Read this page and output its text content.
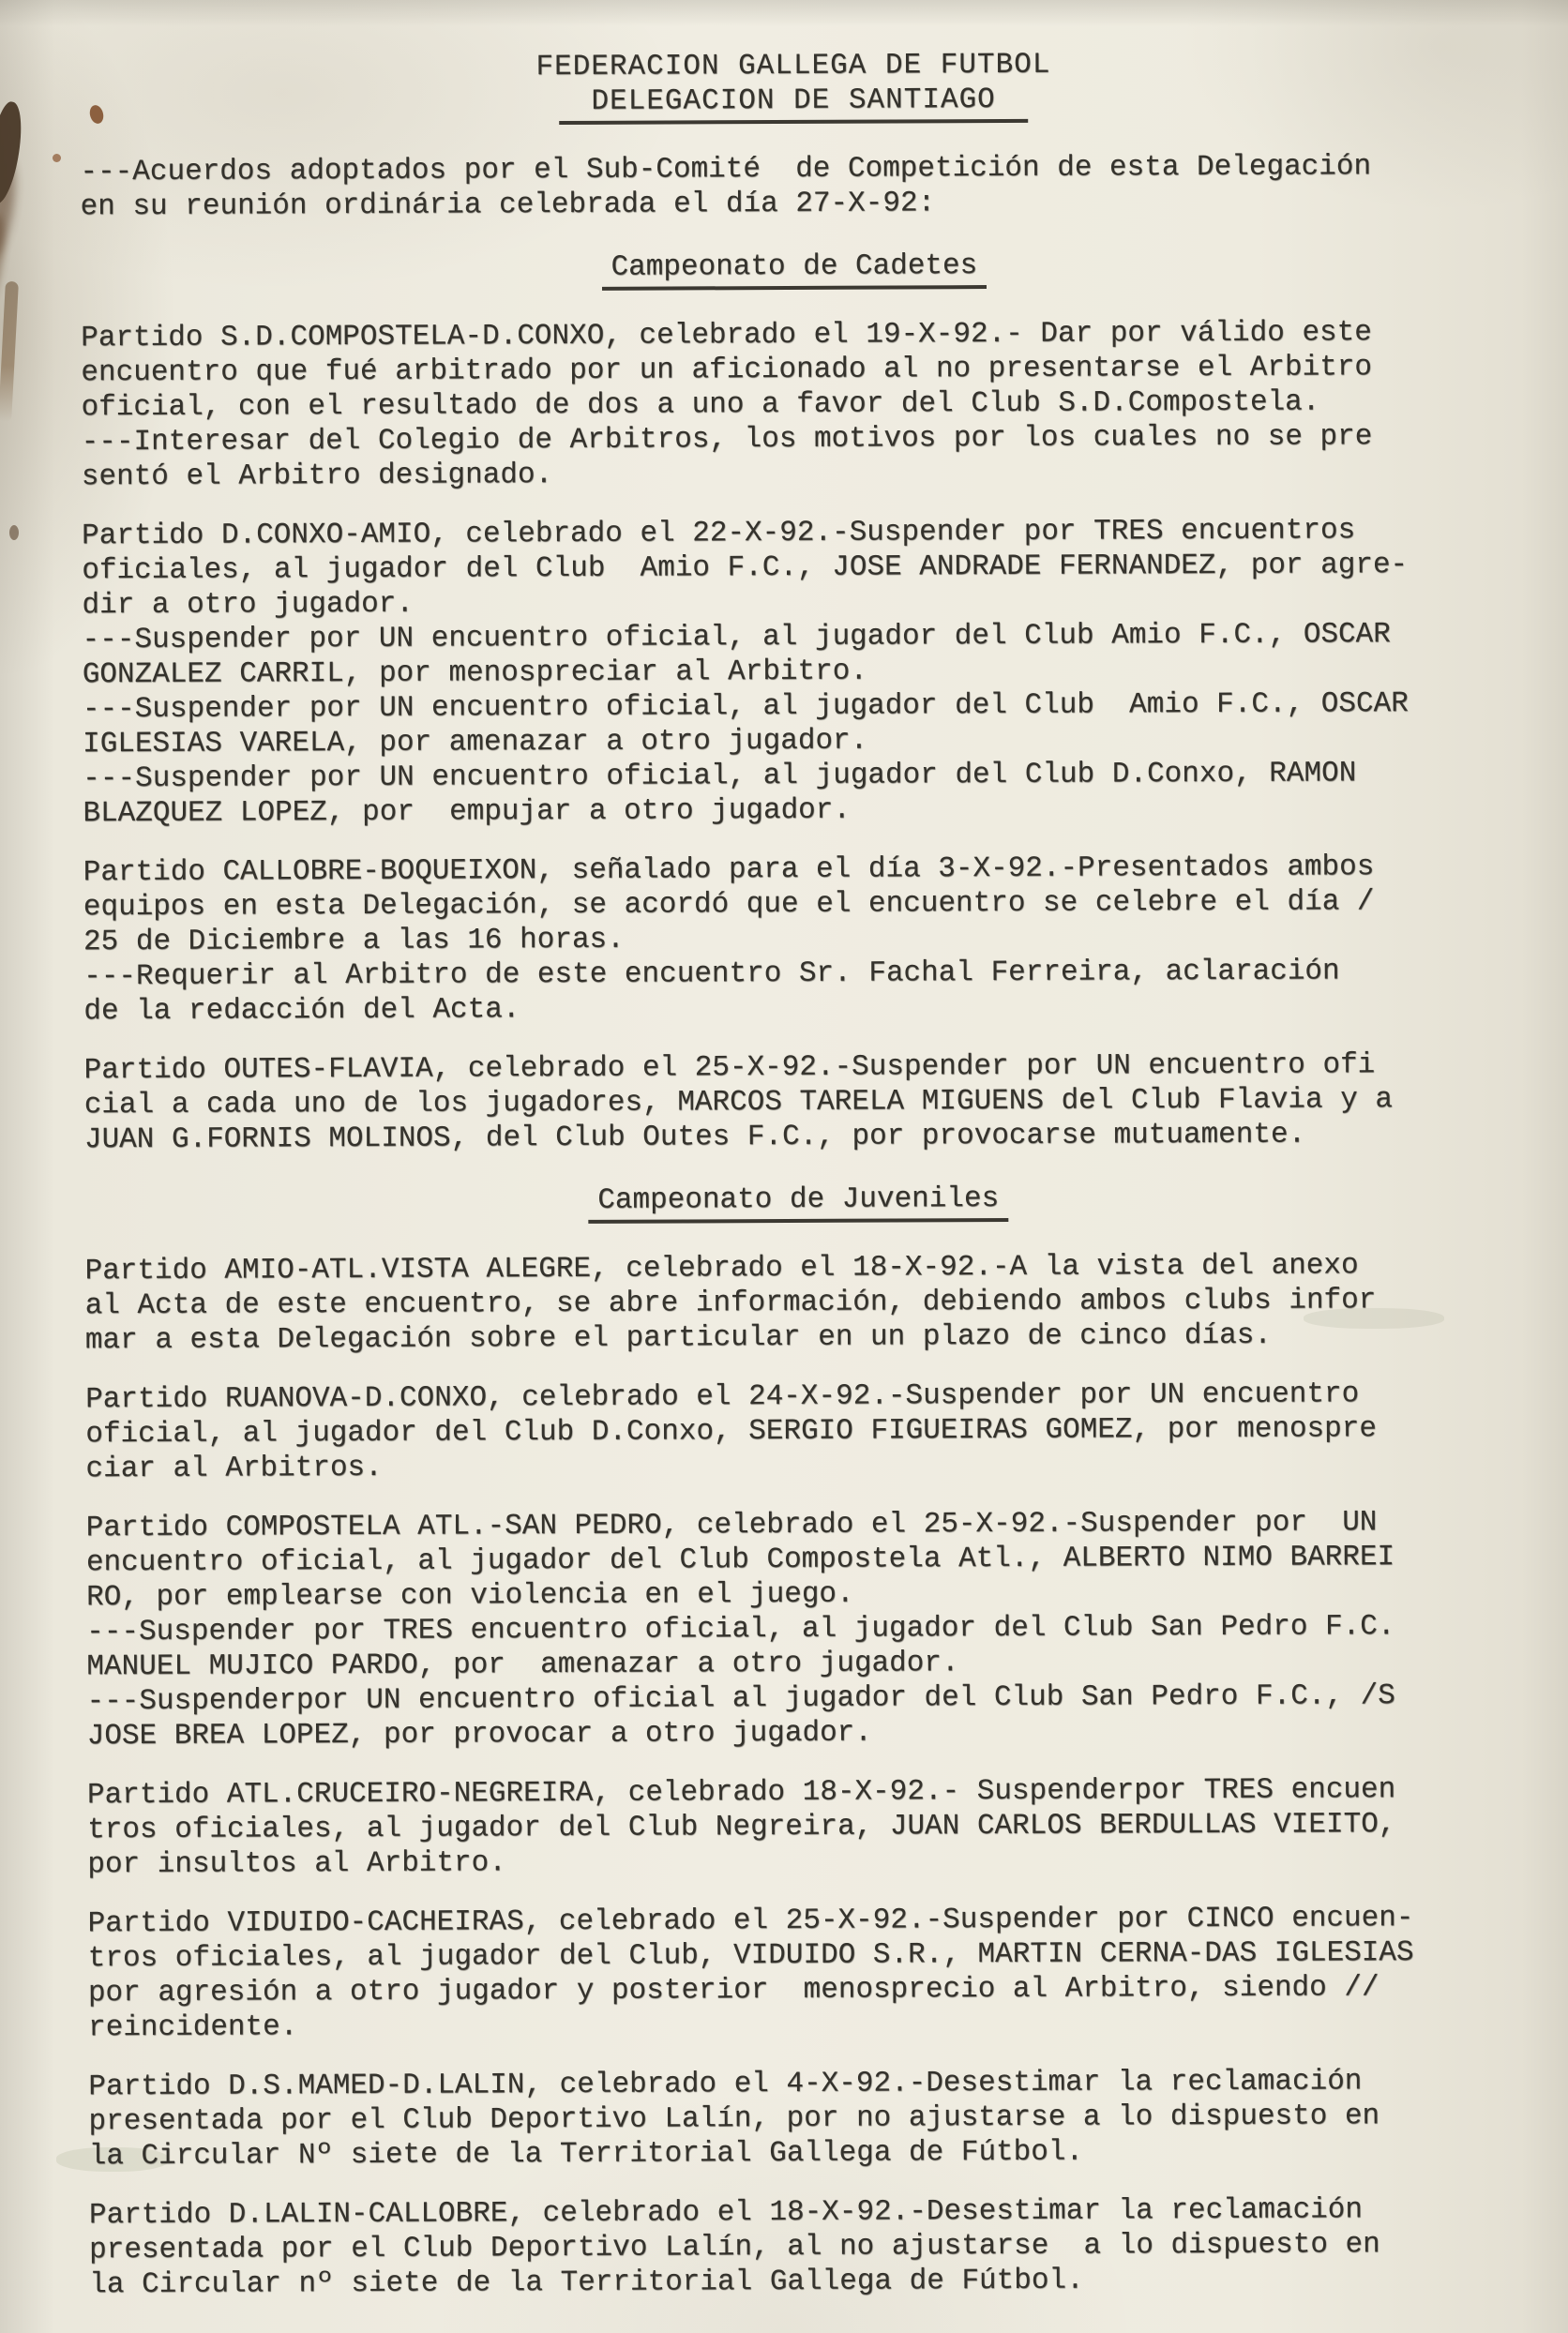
FEDERACION GALLEGA DE FUTBOL
DELEGACION DE SANTIAGO

---Acuerdos adoptados por el Sub-Comité  de Competición de esta Delegación
en su reunión ordinária celebrada el día 27-X-92:

Campeonato de Cadetes

Partido S.D.COMPOSTELA-D.CONXO, celebrado el 19-X-92.- Dar por válido este
encuentro que fué arbitrado por un aficionado al no presentarse el Arbitro
oficial, con el resultado de dos a uno a favor del Club S.D.Compostela.
---Interesar del Colegio de Arbitros, los motivos por los cuales no se pre
sentó el Arbitro designado.

Partido D.CONXO-AMIO, celebrado el 22-X-92.-Suspender por TRES encuentros
oficiales, al jugador del Club  Amio F.C., JOSE ANDRADE FERNANDEZ, por agre-
dir a otro jugador.
---Suspender por UN encuentro oficial, al jugador del Club Amio F.C., OSCAR
GONZALEZ CARRIL, por menospreciar al Arbitro.
---Suspender por UN encuentro oficial, al jugador del Club  Amio F.C., OSCAR
IGLESIAS VARELA, por amenazar a otro jugador.
---Suspender por UN encuentro oficial, al jugador del Club D.Conxo, RAMON
BLAZQUEZ LOPEZ, por  empujar a otro jugador.

Partido CALLOBRE-BOQUEIXON, señalado para el día 3-X-92.-Presentados ambos
equipos en esta Delegación, se acordó que el encuentro se celebre el día /
25 de Diciembre a las 16 horas.
---Requerir al Arbitro de este encuentro Sr. Fachal Ferreira, aclaración
de la redacción del Acta.

Partido OUTES-FLAVIA, celebrado el 25-X-92.-Suspender por UN encuentro ofi
cial a cada uno de los jugadores, MARCOS TARELA MIGUENS del Club Flavia y a
JUAN G.FORNIS MOLINOS, del Club Outes F.C., por provocarse mutuamente.

Campeonato de Juveniles

Partido AMIO-ATL.VISTA ALEGRE, celebrado el 18-X-92.-A la vista del anexo
al Acta de este encuentro, se abre información, debiendo ambos clubs infor
mar a esta Delegación sobre el particular en un plazo de cinco días.

Partido RUANOVA-D.CONXO, celebrado el 24-X-92.-Suspender por UN encuentro
oficial, al jugador del Club D.Conxo, SERGIO FIGUEIRAS GOMEZ, por menospre
ciar al Arbitros.

Partido COMPOSTELA ATL.-SAN PEDRO, celebrado el 25-X-92.-Suspender por  UN
encuentro oficial, al jugador del Club Compostela Atl., ALBERTO NIMO BARREI
RO, por emplearse con violencia en el juego.
---Suspender por TRES encuentro oficial, al jugador del Club San Pedro F.C.
MANUEL MUJICO PARDO, por  amenazar a otro jugador.
---Suspenderpor UN encuentro oficial al jugador del Club San Pedro F.C., /S
JOSE BREA LOPEZ, por provocar a otro jugador.

Partido ATL.CRUCEIRO-NEGREIRA, celebrado 18-X-92.- Suspenderpor TRES encuen
tros oficiales, al jugador del Club Negreira, JUAN CARLOS BERDULLAS VIEITO,
por insultos al Arbitro.

Partido VIDUIDO-CACHEIRAS, celebrado el 25-X-92.-Suspender por CINCO encuen-
tros oficiales, al jugador del Club, VIDUIDO S.R., MARTIN CERNA-DAS IGLESIAS
por agresión a otro jugador y posterior  menosprecio al Arbitro, siendo //
reincidente.

Partido D.S.MAMED-D.LALIN, celebrado el 4-X-92.-Desestimar la reclamación
presentada por el Club Deportivo Lalín, por no ajustarse a lo dispuesto en
la Circular Nº siete de la Territorial Gallega de Fútbol.

Partido D.LALIN-CALLOBRE, celebrado el 18-X-92.-Desestimar la reclamación
presentada por el Club Deportivo Lalín, al no ajustarse  a lo dispuesto en
la Circular nº siete de la Territorial Gallega de Fútbol.
